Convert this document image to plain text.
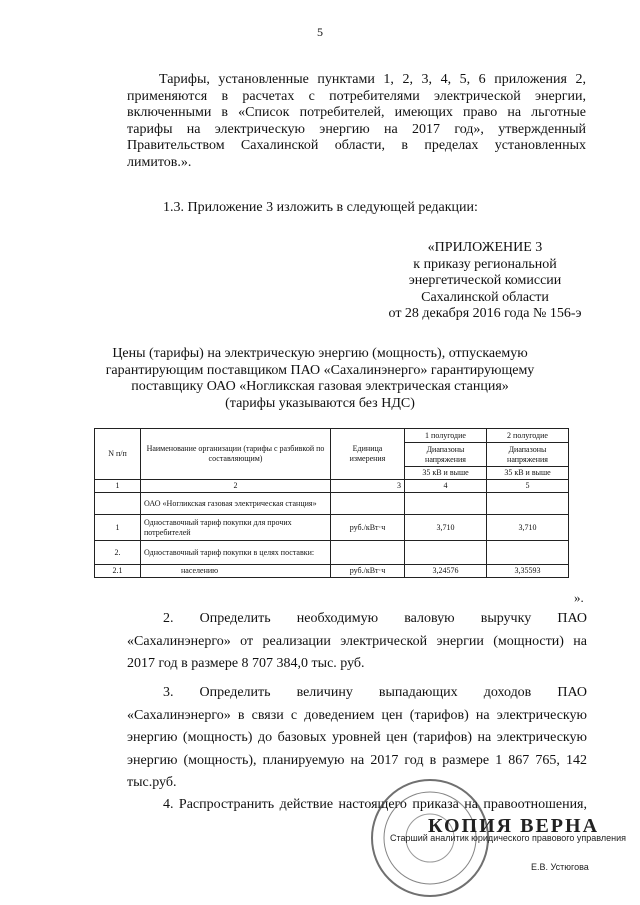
5
Тарифы, установленные пунктами 1, 2, 3, 4, 5, 6 приложения 2,
применяются в расчетах с потребителями электрической энергии,
включенными в «Список потребителей, имеющих право на льготные
тарифы на электрическую энергию на 2017 год», утвержденный
Правительством Сахалинской области, в пределах установленных
лимитов.».
1.3. Приложение 3 изложить в следующей редакции:
«ПРИЛОЖЕНИЕ 3
к приказу региональной
энергетической комиссии
Сахалинской области
от 28 декабря 2016 года № 156-э
Цены (тарифы) на электрическую энергию (мощность), отпускаемую
гарантирующим поставщиком ПАО «Сахалинэнерго» гарантирующему
поставщику ОАО «Ногликская газовая электрическая станция»
(тарифы указываются без НДС)
N п/п	Наименование организации (тарифы с разбивкой по составляющим)	Единица измерения	1 полугодие	2 полугодие
			Диапазоны напряжения	Диапазоны напряжения
			35 кВ и выше	35 кВ и выше
1	2	3	4	5
	ОАО «Ногликская газовая электрическая станция»			
1	Одноставочный тариф покупки для прочих потребителей	руб./кВт·ч	3,710	3,710
2.	Одноставочный тариф покупки в целях поставки:			
2.1	населению	руб./кВт·ч	3,24576	3,35593
».
2. Определить необходимую валовую выручку ПАО
«Сахалинэнерго» от реализации электрической энергии (мощности) на
2017 год в размере 8 707 384,0 тыс. руб.
3. Определить величину выпадающих доходов ПАО
«Сахалинэнерго» в связи с доведением цен (тарифов) на электрическую
энергию (мощность) до базовых уровней цен (тарифов) на электрическую
энергию (мощность), планируемую на 2017 год в размере 1 867 765, 142
тыс.руб.
4. Распространить действие настоящего приказа на правоотношения,
КОПИЯ ВЕРНА
Старший аналитик юридического правового управления
Е.В. Устюгова
